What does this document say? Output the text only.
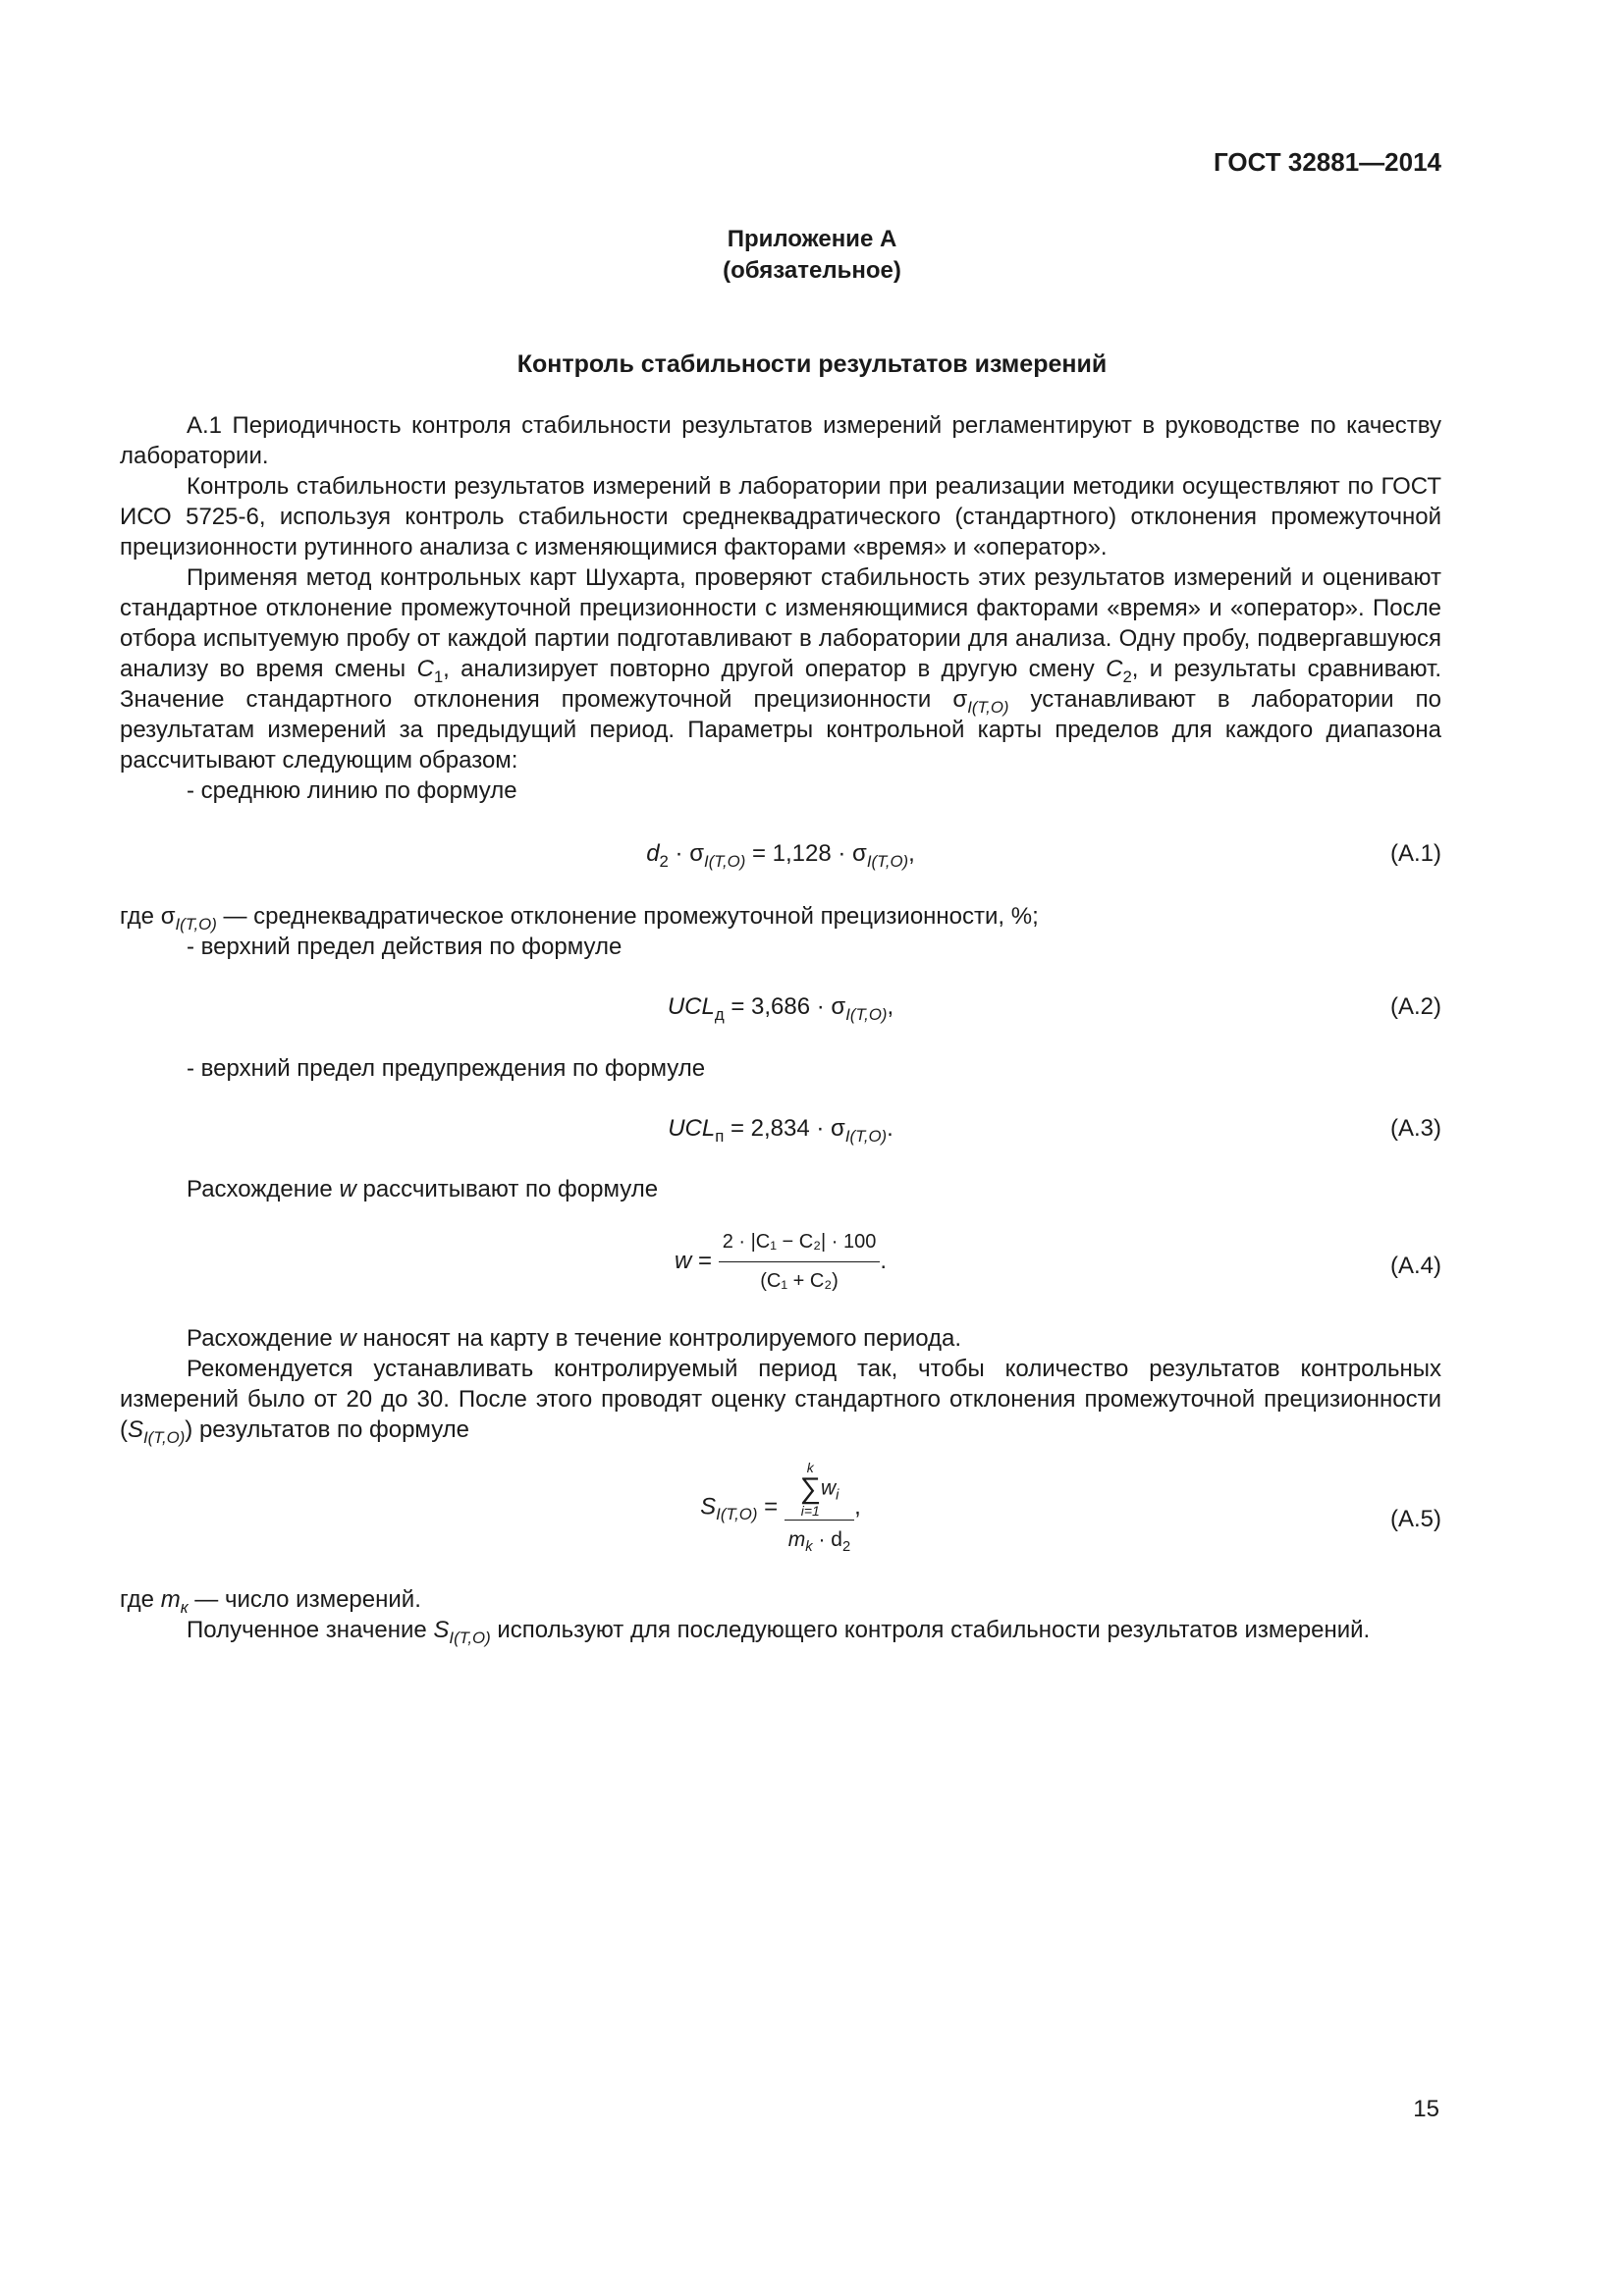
ГОСТ 32881—2014
Приложение А
(обязательное)
Контроль стабильности результатов измерений

А.1 Периодичность контроля стабильности результатов измерений регламентируют в руководстве по качеству лаборатории.

Контроль стабильности результатов измерений в лаборатории при реализации методики осуществляют по ГОСТ ИСО 5725-6, используя контроль стабильности среднеквадратического (стандартного) отклонения промежуточной прецизионности рутинного анализа с изменяющимися факторами «время» и «оператор».

Применяя метод контрольных карт Шухарта, проверяют стабильность этих результатов измерений и оценивают стандартное отклонение промежуточной прецизионности с изменяющимися факторами «время» и «оператор». После отбора испытуемую пробу от каждой партии подготавливают в лаборатории для анализа. Одну пробу, подвергавшуюся анализу во время смены $C_1$, анализирует повторно другой оператор в другую смену $C_2$, и результаты сравнивают. Значение стандартного отклонения промежуточной прецизионности $\sigma_{I(T,O)}$ устанавливают в лаборатории по результатам измерений за предыдущий период. Параметры контрольной карты пределов для каждого диапазона рассчитывают следующим образом:

- среднюю линию по формуле

$d_2 \cdot \sigma_{I(T,O)} = 1,128 \cdot \sigma_{I(T,O)}$,	(А.1)

где $\sigma_{I(T,O)}$ — среднеквадратическое отклонение промежуточной прецизионности, %;

- верхний предел действия по формуле

$UCL_д = 3,686 \cdot \sigma_{I(T,O)}$,	(А.2)

- верхний предел предупреждения по формуле

$UCL_п = 2,834 \cdot \sigma_{I(T,O)}$.	(А.3)

Расхождение w рассчитывают по формуле

$w = \frac{\text{2 · |C₁ − C₂| · 100}}{\text{(C₁ + C₂)}}$ .	(А.4)

Расхождение w наносят на карту в течение контролируемого периода.

Рекомендуется устанавливать контролируемый период так, чтобы количество результатов контрольных измерений было от 20 до 30. После этого проводят оценку стандартного отклонения промежуточной прецизионности $(S_{I(T,O)})$ результатов по формуле

$S_{I(T,O)} = k$
∑
i=1
$w_i$
$m_k \cdot d_2$ ,	(А.5)

где $m_к$ — число измерений.

Полученное значение $S_{I(T,O)}$ используют для последующего контроля стабильности результатов измерений.

15
